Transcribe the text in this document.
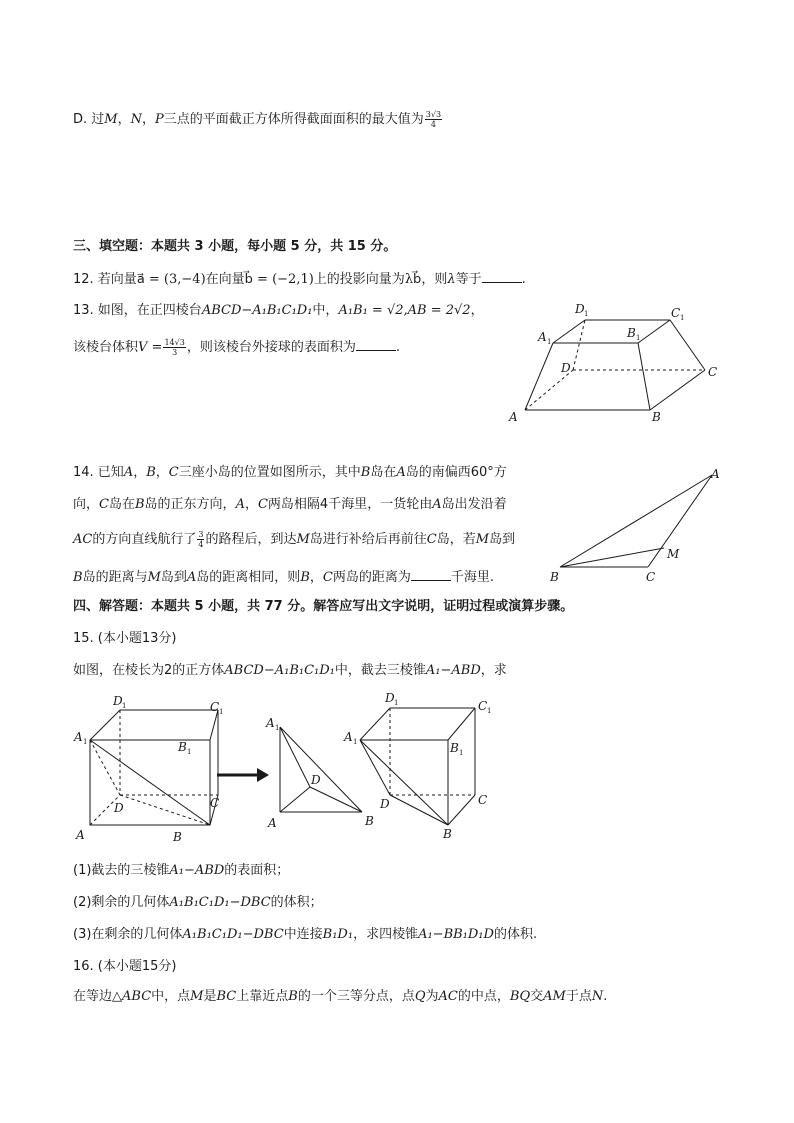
D. 过M，N，P三点的平面截正方体所得截面面积的最大值为 $\frac{3√3}{4}$
三、填空题：本题共 3 小题，每小题 5 分，共 15 分。
12. 若向量a⃗ = (3,−4)在向量b⃗ = (−2,1)上的投影向量为λb⃗，则λ等于	.
13. 如图，在正四棱台ABCD−A₁B₁C₁D₁中，A₁B₁ = √2,AB = 2√2，
该棱台体积$V = \frac{14√3}{3}$ ，则该棱台外接球的表面积为	.
A	B
C
D
A 1
B 1
C 1
D 1
14. 已知A，B，C三座小岛的位置如图所示，其中B岛在A岛的南偏西60°方
向，C岛在B岛的正东方向，A，C两岛相隔4千海里，一货轮由A岛出发沿着
AC的方向直线航行了 $\frac{3}{4}$ 的路程后，到达M岛进行补给后再前往C岛，若M岛到
B岛的距离与M岛到A岛的距离相同，则B，C两岛的距离为	千海里.	B	C
A
M
四、解答题：本题共 5 小题，共 77 分。解答应写出文字说明，证明过程或演算步骤。
15. (本小题13分)
如图，在棱长为2的正方体ABCD−A₁B₁C₁D₁中，截去三棱锥A₁−ABD，求
A	B
C
D
A 1	B 1
C 1
D 1
A 1
A	B
D
A 1	B 1
C 1
D 1
D
B
C
(1)截去的三棱锥A₁−ABD的表面积；
(2)剩余的几何体A₁B₁C₁D₁−DBC的体积；
(3)在剩余的几何体A₁B₁C₁D₁−DBC中连接B₁D₁，求四棱锥A₁−BB₁D₁D的体积.
16. (本小题15分)
在等边△ABC中，点M是BC上靠近点B的一个三等分点，点Q为AC的中点，BQ交AM于点N.
